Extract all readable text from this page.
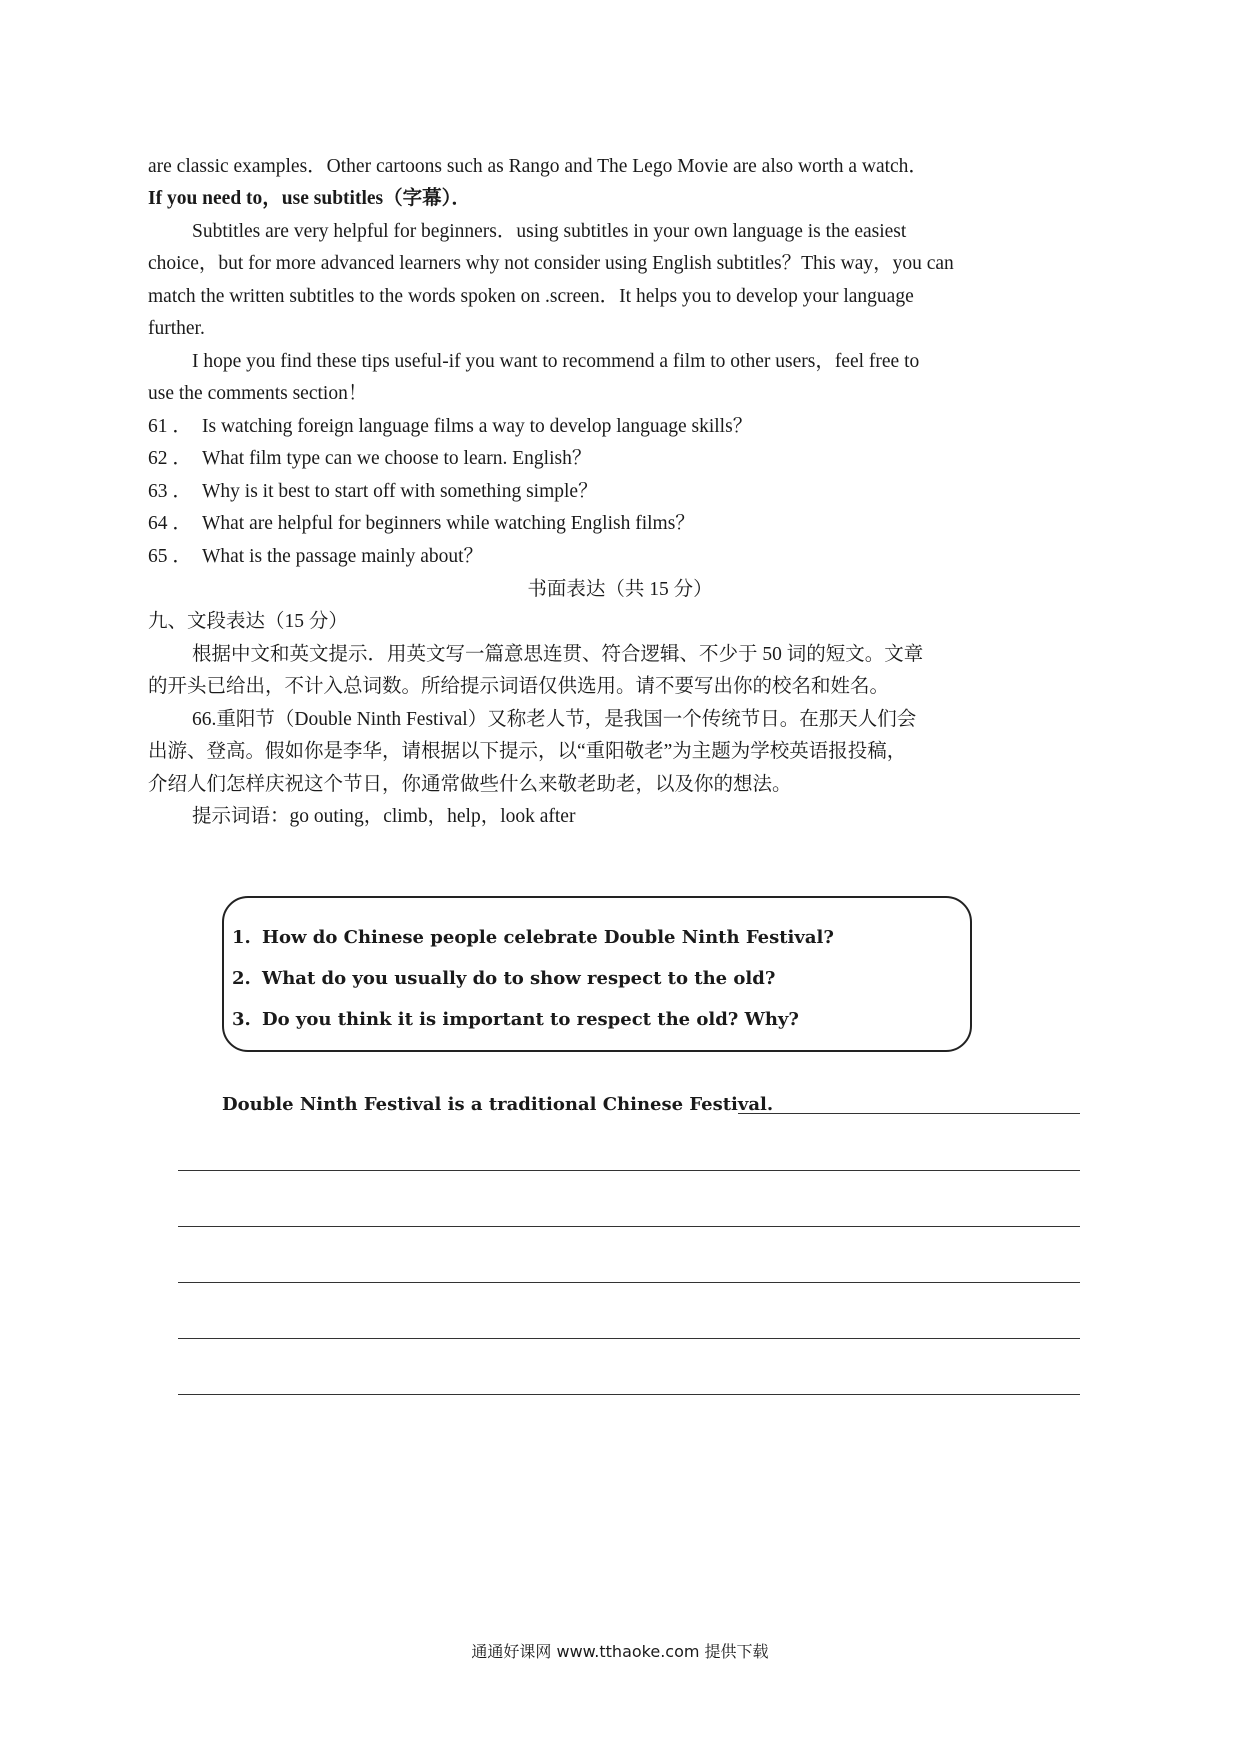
are classic examples．Other cartoons such as Rango and The Lego Movie are also worth a watch．
If you need to，use subtitles（字幕）．
Subtitles are very helpful for beginners．using subtitles in your own language is the easiest
choice，but for more advanced learners why not consider using English subtitles？This way，you can
match the written subtitles to the words spoken on .screen．It helps you to develop your language
further.
I hope you find these tips useful-if you want to recommend a film to other users，feel free to
use the comments section！
61 ． Is watching foreign language films a way to develop language skills？
62 ． What film type can we choose to learn. English？
63 ． Why is it best to start off with something simple？
64 ． What are helpful for beginners while watching English films？
65 ． What is the passage mainly about？
书面表达（共 15 分）
九、文段表达（15 分）
根据中文和英文提示．用英文写一篇意思连贯、符合逻辑、不少于 50 词的短文。文章
的开头已给出，不计入总词数。所给提示词语仅供选用。请不要写出你的校名和姓名。
66.重阳节（Double Ninth Festival）又称老人节，是我国一个传统节日。在那天人们会
出游、登高。假如你是李华，请根据以下提示，以“重阳敬老”为主题为学校英语报投稿，
介绍人们怎样庆祝这个节日，你通常做些什么来敬老助老，以及你的想法。
提示词语：go outing，climb，help，look after
1. How do Chinese people celebrate Double Ninth Festival?
2. What do you usually do to show respect to the old?
3. Do you think it is important to respect the old? Why?
Double Ninth Festival is a traditional Chinese Festival.
通通好课网 www.tthaoke.com 提供下载
